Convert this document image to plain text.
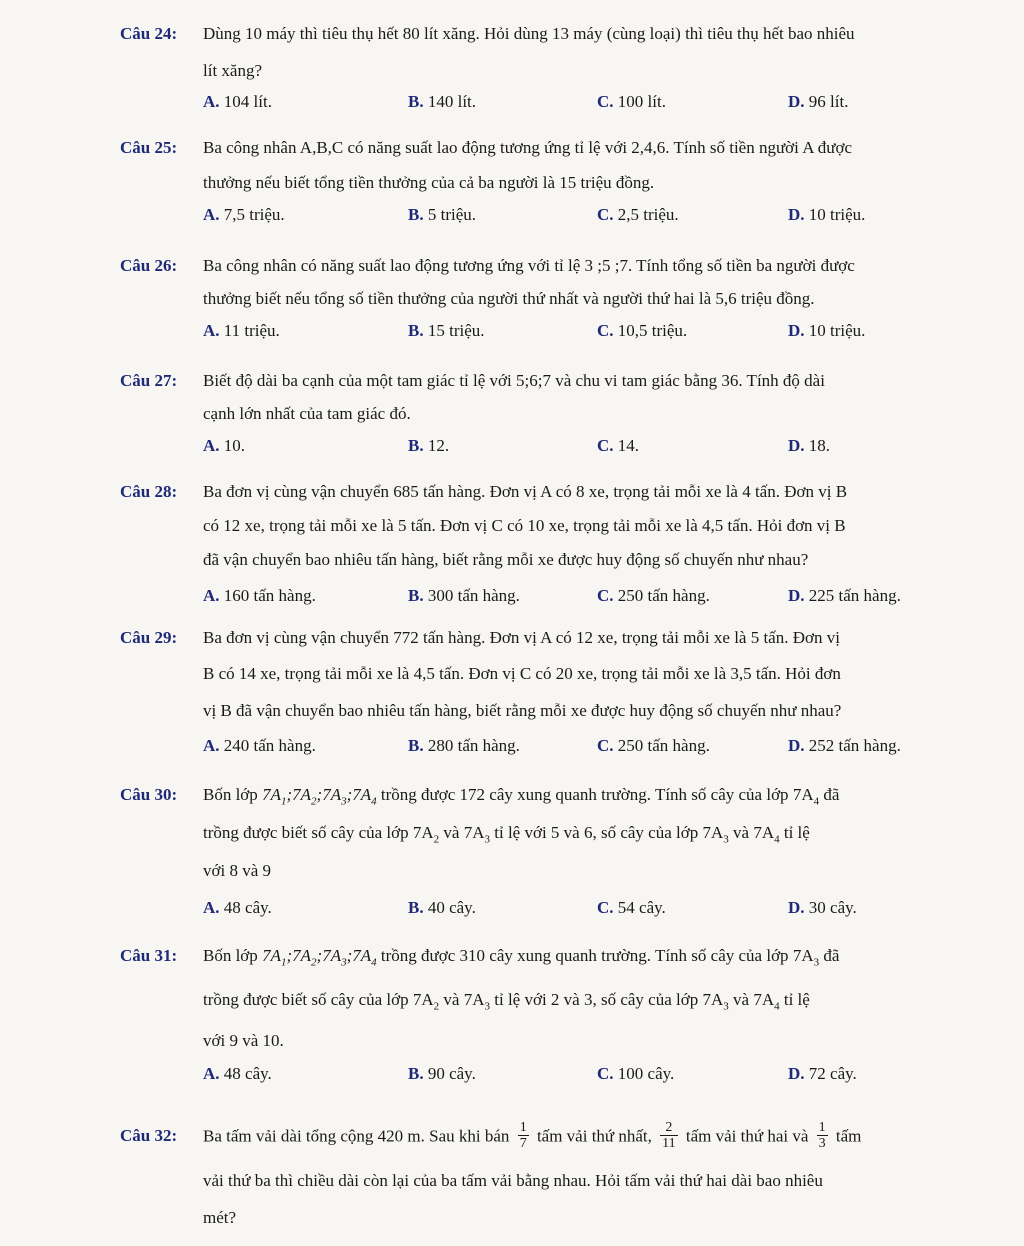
Câu 24: Dùng 10 máy thì tiêu thụ hết 80 lít xăng. Hỏi dùng 13 máy (cùng loại) thì tiêu thụ hết bao nhiêu
lít xăng?
A. 104 lít.	B. 140 lít.	C. 100 lít.	D. 96 lít.
Câu 25: Ba công nhân A,B,C có năng suất lao động tương ứng tỉ lệ với 2,4,6. Tính số tiền người A được
thưởng nếu biết tổng tiền thưởng của cả ba người là 15 triệu đồng.
A. 7,5 triệu.	B. 5 triệu.	C. 2,5 triệu.	D. 10 triệu.
Câu 26: Ba công nhân có năng suất lao động tương ứng với tỉ lệ 3 ;5 ;7. Tính tổng số tiền ba người được
thưởng biết nếu tổng số tiền thưởng của người thứ nhất và người thứ hai là 5,6 triệu đồng.
A. 11 triệu.	B. 15 triệu.	C. 10,5 triệu.	D. 10 triệu.
Câu 27: Biết độ dài ba cạnh của một tam giác tỉ lệ với 5;6;7 và chu vi tam giác bằng 36. Tính độ dài
cạnh lớn nhất của tam giác đó.
A. 10.	B. 12.	C. 14.	D. 18.
Câu 28: Ba đơn vị cùng vận chuyển 685 tấn hàng. Đơn vị A có 8 xe, trọng tải mỗi xe là 4 tấn. Đơn vị B
có 12 xe, trọng tải mỗi xe là 5 tấn. Đơn vị C có 10 xe, trọng tải mỗi xe là 4,5 tấn. Hỏi đơn vị B
đã vận chuyển bao nhiêu tấn hàng, biết rằng mỗi xe được huy động số chuyến như nhau?
A. 160 tấn hàng.	B. 300 tấn hàng.	C. 250 tấn hàng.	D. 225 tấn hàng.
Câu 29: Ba đơn vị cùng vận chuyển 772 tấn hàng. Đơn vị A có 12 xe, trọng tải mỗi xe là 5 tấn. Đơn vị
B có 14 xe, trọng tải mỗi xe là 4,5 tấn. Đơn vị C có 20 xe, trọng tải mỗi xe là 3,5 tấn. Hỏi đơn
vị B đã vận chuyển bao nhiêu tấn hàng, biết rằng mỗi xe được huy động số chuyến như nhau?
A. 240 tấn hàng.	B. 280 tấn hàng.	C. 250 tấn hàng.	D. 252 tấn hàng.
Câu 30: Bốn lớp $7A_1;7A_2;7A_3;7A_4$ trồng được 172 cây xung quanh trường. Tính số cây của lớp $7A_4$ đã
trồng được biết số cây của lớp $7A_2$ và $7A_3$ tỉ lệ với 5 và 6, số cây của lớp $7A_3$ và $7A_4$ tỉ lệ
với 8 và 9
A. 48 cây.	B. 40 cây.	C. 54 cây.	D. 30 cây.
Câu 31: Bốn lớp $7A_1;7A_2;7A_3;7A_4$ trồng được 310 cây xung quanh trường. Tính số cây của lớp $7A_3$ đã
trồng được biết số cây của lớp $7A_2$ và $7A_3$ tỉ lệ với 2 và 3, số cây của lớp $7A_3$ và $7A_4$ tỉ lệ
với 9 và 10.
A. 48 cây.	B. 90 cây.	C. 100 cây.	D. 72 cây.
Câu 32: Ba tấm vải dài tổng cộng 420 m. Sau khi bán $\frac{1}{7}$ tấm vải thứ nhất, $\frac{2}{11}$ tấm vải thứ hai và $\frac{1}{3}$ tấm
vải thứ ba thì chiều dài còn lại của ba tấm vải bằng nhau. Hỏi tấm vải thứ hai dài bao nhiêu
mét?
